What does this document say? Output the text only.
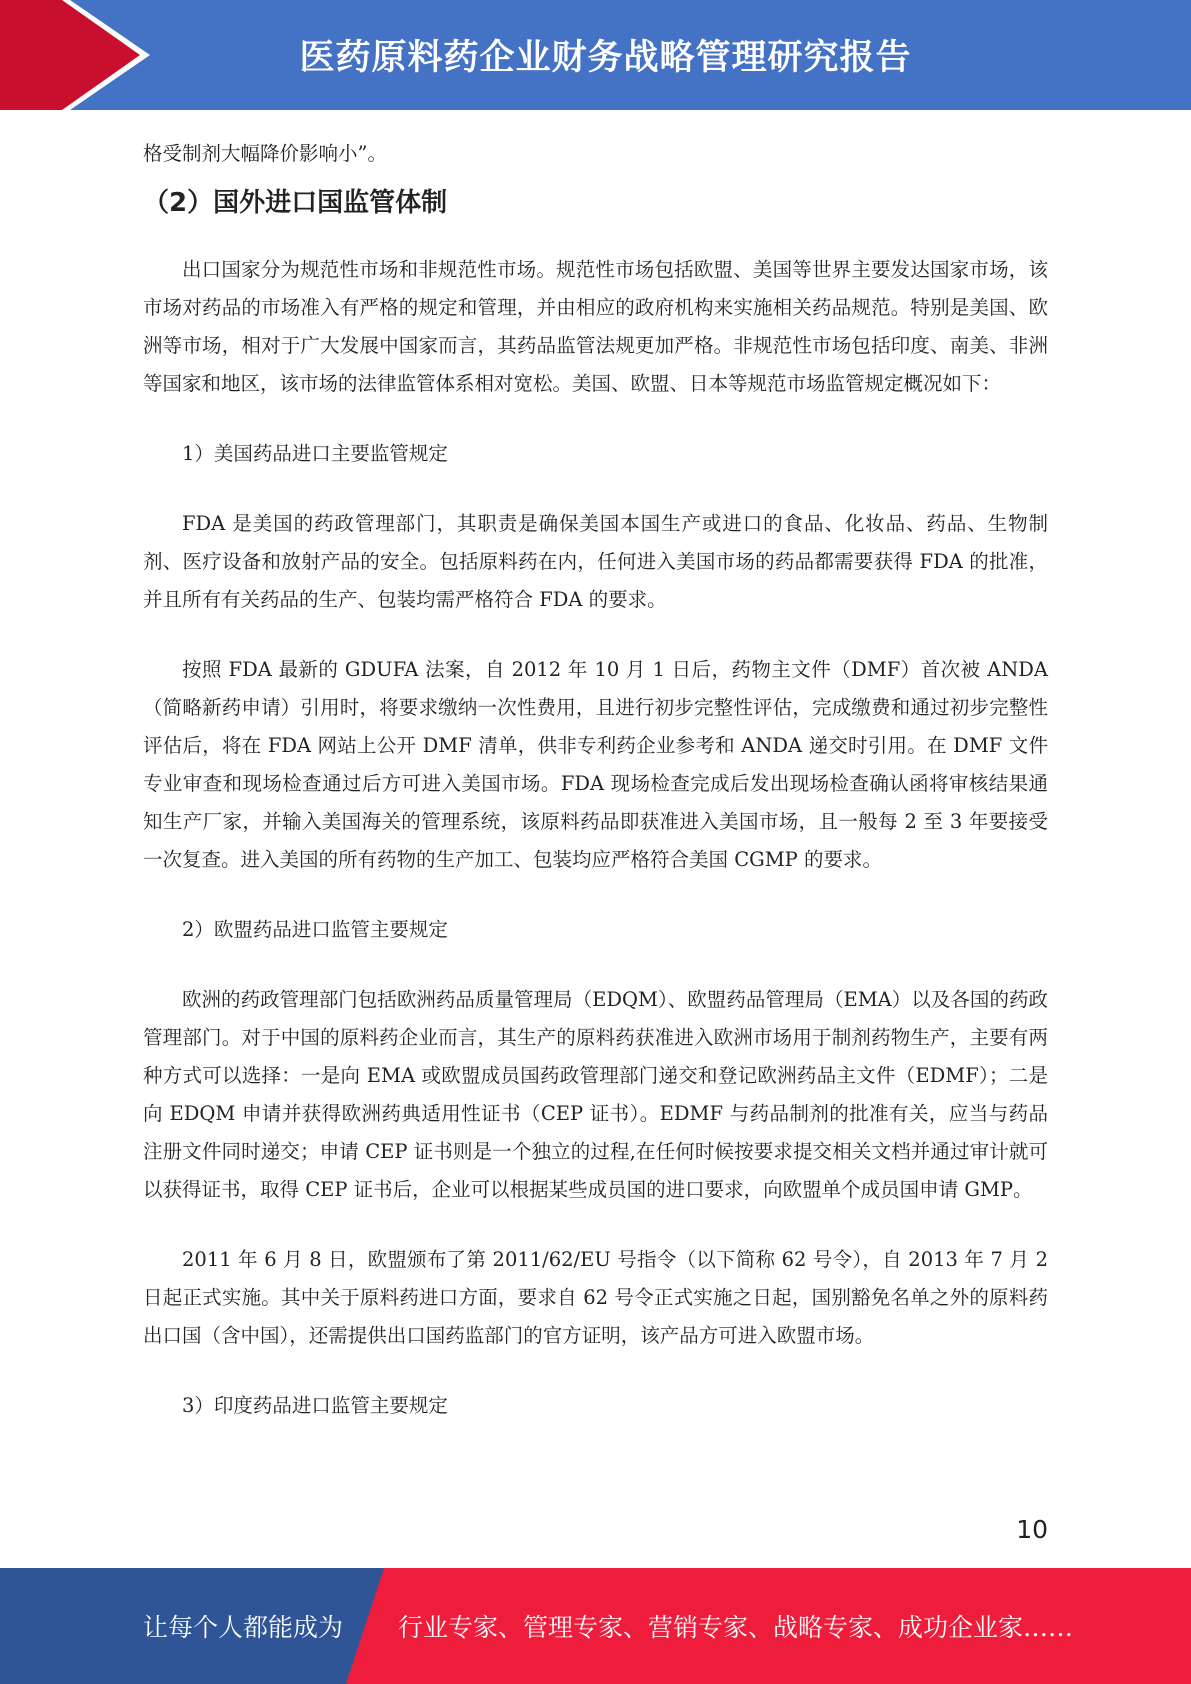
医药原料药企业财务战略管理研究报告

格受制剂大幅降价影响小”。

（2）国外进口国监管体制

出口国家分为规范性市场和非规范性市场。规范性市场包括欧盟、美国等世界主要发达国家市场，该市场对药品的市场准入有严格的规定和管理，并由相应的政府机构来实施相关药品规范。特别是美国、欧洲等市场，相对于广大发展中国家而言，其药品监管法规更加严格。非规范性市场包括印度、南美、非洲等国家和地区，该市场的法律监管体系相对宽松。美国、欧盟、日本等规范市场监管规定概况如下：

1）美国药品进口主要监管规定

FDA 是美国的药政管理部门，其职责是确保美国本国生产或进口的食品、化妆品、药品、生物制剂、医疗设备和放射产品的安全。包括原料药在内，任何进入美国市场的药品都需要获得 FDA 的批准，并且所有有关药品的生产、包装均需严格符合 FDA 的要求。

按照 FDA 最新的 GDUFA 法案，自 2012 年 10 月 1 日后，药物主文件（DMF）首次被 ANDA（简略新药申请）引用时，将要求缴纳一次性费用，且进行初步完整性评估，完成缴费和通过初步完整性评估后，将在 FDA 网站上公开 DMF 清单，供非专利药企业参考和 ANDA 递交时引用。在 DMF 文件专业审查和现场检查通过后方可进入美国市场。FDA 现场检查完成后发出现场检查确认函将审核结果通知生产厂家，并输入美国海关的管理系统，该原料药品即获准进入美国市场，且一般每 2 至 3 年要接受一次复查。进入美国的所有药物的生产加工、包装均应严格符合美国 CGMP 的要求。

2）欧盟药品进口监管主要规定

欧洲的药政管理部门包括欧洲药品质量管理局（EDQM）、欧盟药品管理局（EMA）以及各国的药政管理部门。对于中国的原料药企业而言，其生产的原料药获准进入欧洲市场用于制剂药物生产，主要有两种方式可以选择：一是向 EMA 或欧盟成员国药政管理部门递交和登记欧洲药品主文件（EDMF）；二是向 EDQM 申请并获得欧洲药典适用性证书（CEP 证书）。EDMF 与药品制剂的批准有关，应当与药品注册文件同时递交；申请 CEP 证书则是一个独立的过程,在任何时候按要求提交相关文档并通过审计就可以获得证书，取得 CEP 证书后，企业可以根据某些成员国的进口要求，向欧盟单个成员国申请 GMP。

2011 年 6 月 8 日，欧盟颁布了第 2011/62/EU 号指令（以下简称 62 号令），自 2013 年 7 月 2 日起正式实施。其中关于原料药进口方面，要求自 62 号令正式实施之日起，国别豁免名单之外的原料药出口国（含中国），还需提供出口国药监部门的官方证明，该产品方可进入欧盟市场。

3）印度药品进口监管主要规定

10
让每个人都能成为 行业专家、管理专家、营销专家、战略专家、成功企业家……
